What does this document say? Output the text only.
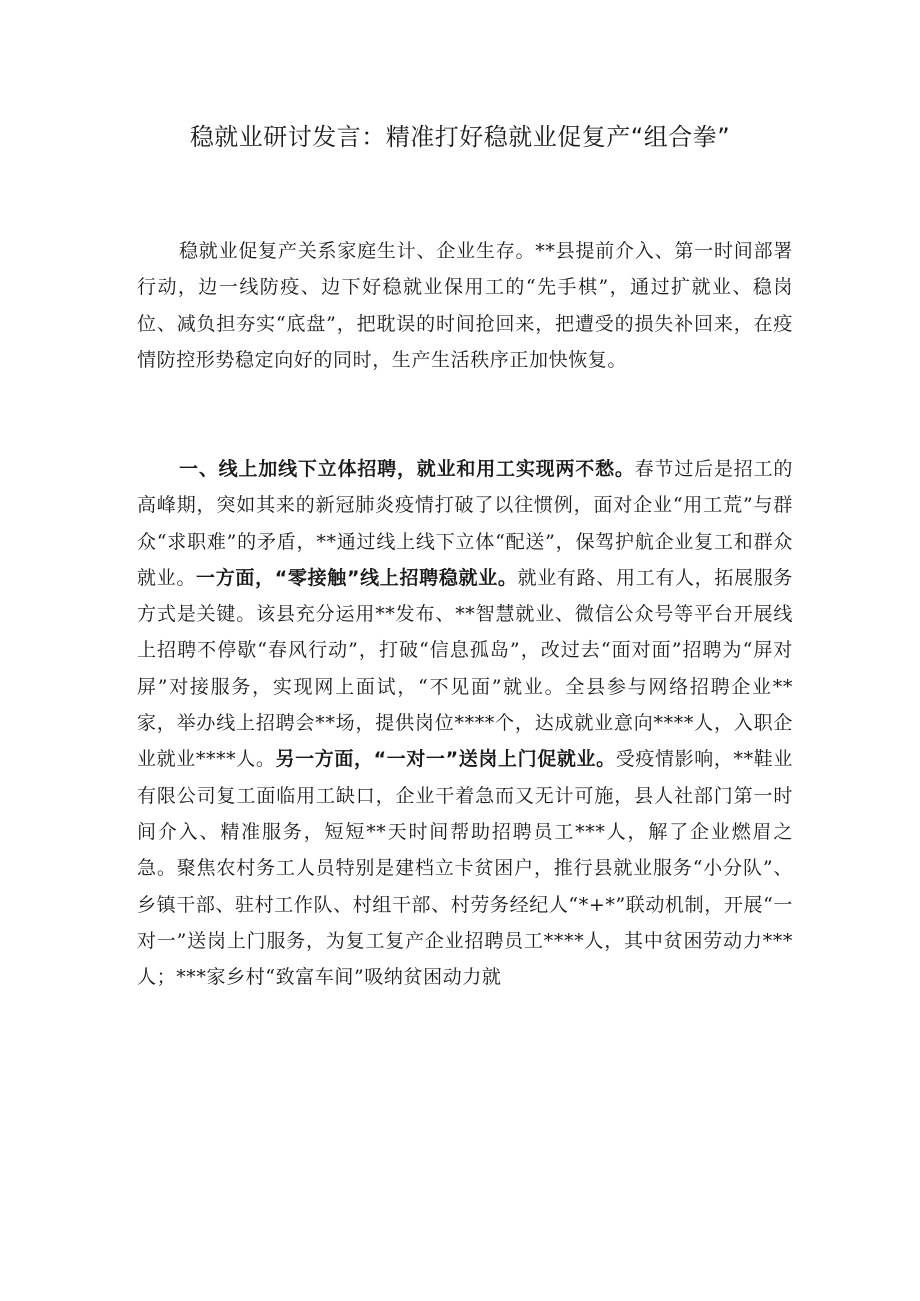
稳就业研讨发言：精准打好稳就业促复产“组合拳”

稳就业促复产关系家庭生计、企业生存。**县提前介入、第一时间部署行动，边一线防疫、边下好稳就业保用工的“先手棋”，通过扩就业、稳岗位、减负担夯实“底盘”，把耽误的时间抢回来，把遭受的损失补回来，在疫情防控形势稳定向好的同时，生产生活秩序正加快恢复。

一、线上加线下立体招聘，就业和用工实现两不愁。春节过后是招工的高峰期，突如其来的新冠肺炎疫情打破了以往惯例，面对企业“用工荒”与群众“求职难”的矛盾，**通过线上线下立体“配送”，保驾护航企业复工和群众就业。一方面，“零接触”线上招聘稳就业。就业有路、用工有人，拓展服务方式是关键。该县充分运用**发布、**智慧就业、微信公众号等平台开展线上招聘不停歇“春风行动”，打破“信息孤岛”，改过去“面对面”招聘为“屏对屏”对接服务，实现网上面试，“不见面”就业。全县参与网络招聘企业**家，举办线上招聘会**场，提供岗位****个，达成就业意向****人，入职企业就业****人。另一方面，“一对一”送岗上门促就业。受疫情影响，**鞋业有限公司复工面临用工缺口，企业干着急而又无计可施，县人社部门第一时间介入、精准服务，短短**天时间帮助招聘员工***人，解了企业燃眉之急。聚焦农村务工人员特别是建档立卡贫困户，推行县就业服务“小分队”、乡镇干部、驻村工作队、村组干部、村劳务经纪人“*+*”联动机制，开展“一对一”送岗上门服务，为复工复产企业招聘员工****人，其中贫困劳动力***人；***家乡村“致富车间”吸纳贫困动力就
